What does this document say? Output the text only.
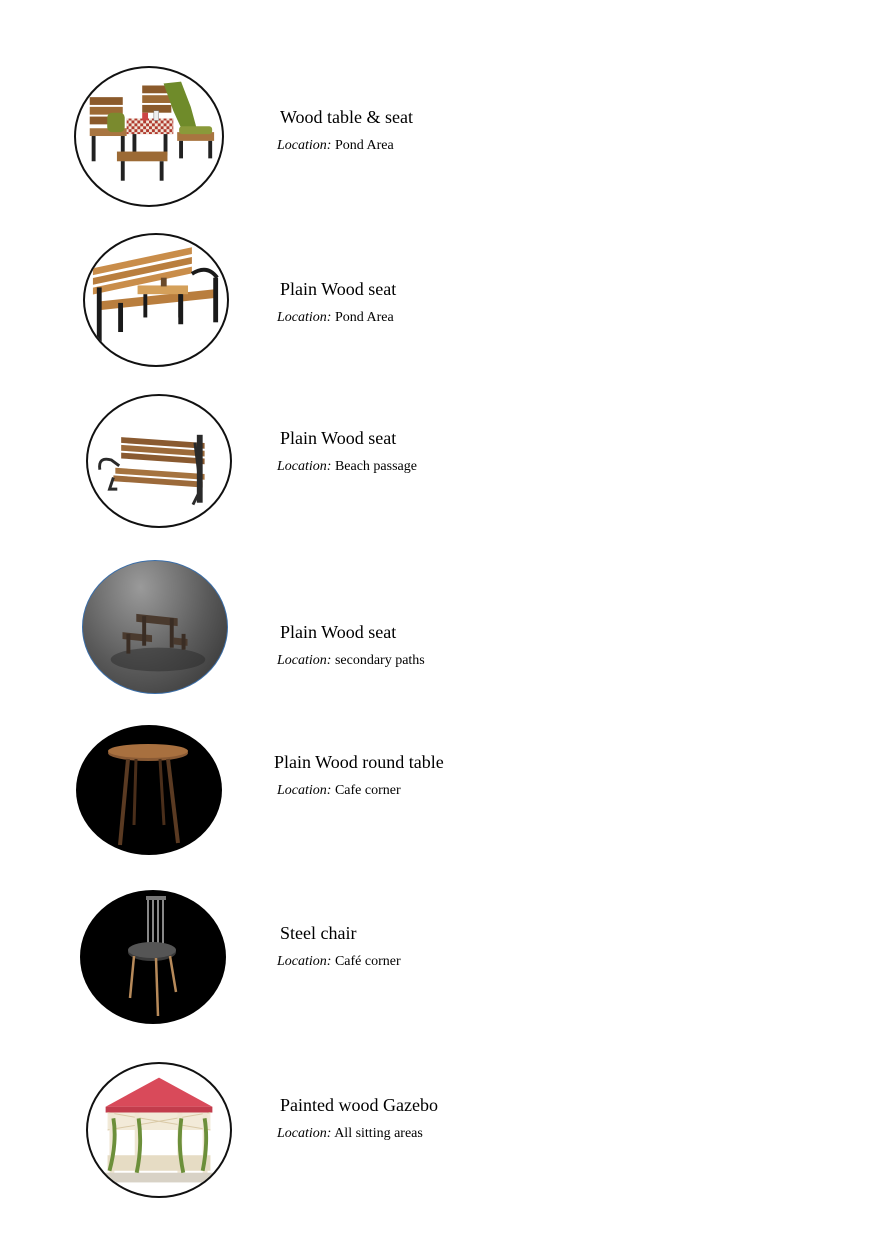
Wood table & seat
Location: Pond Area
Plain Wood seat
Location: Pond Area
Plain Wood seat
Location: Beach passage
Plain Wood seat
Location: secondary paths
Plain Wood round table
Location: Cafe corner
Steel chair
Location: Café corner
Painted wood Gazebo
Location: All sitting areas
